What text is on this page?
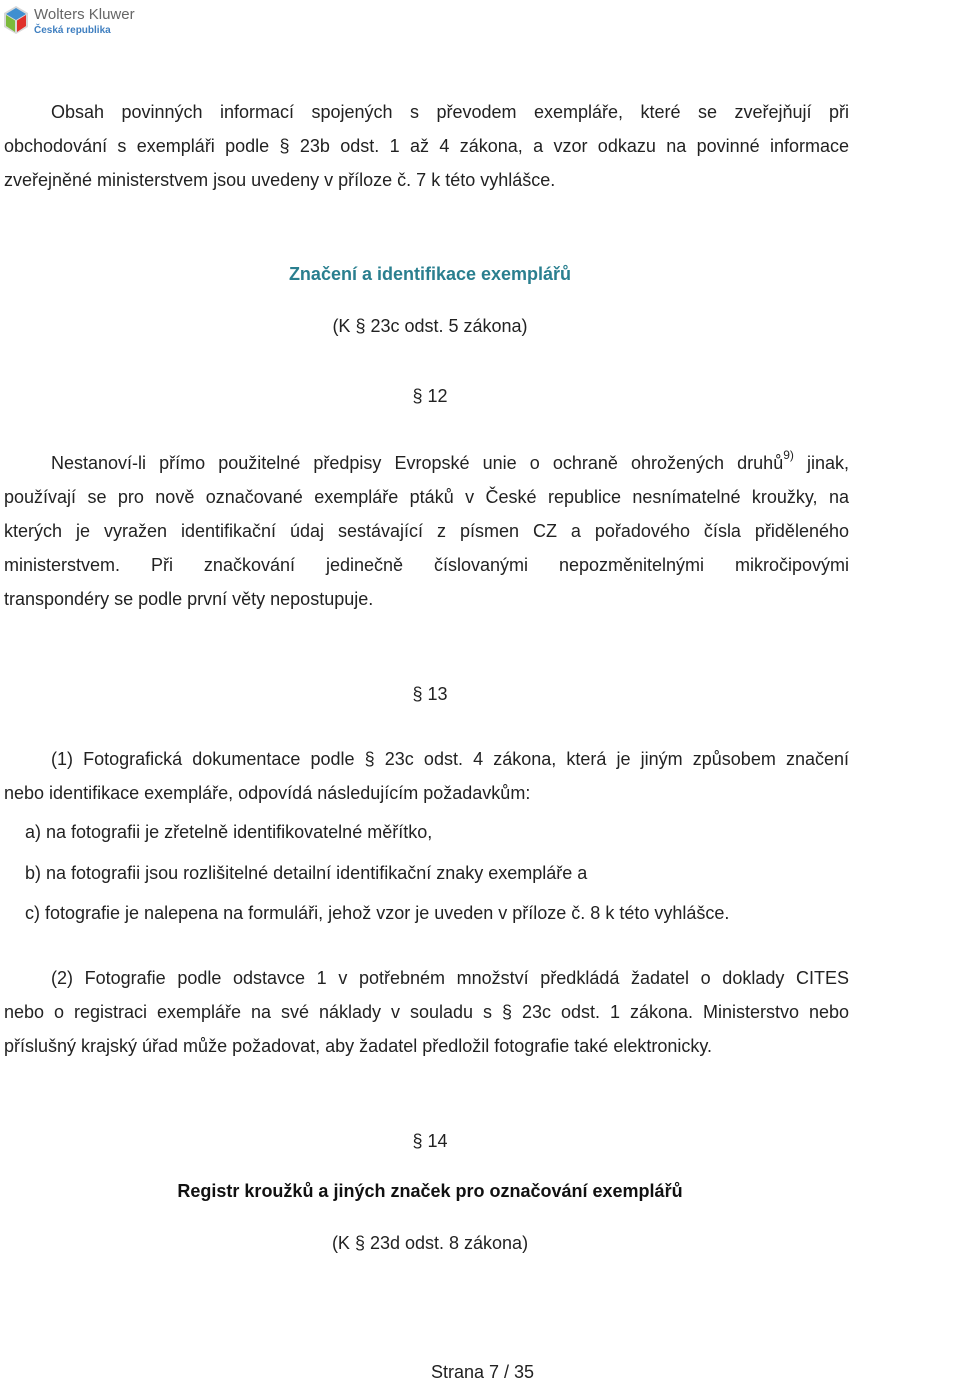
Wolters Kluwer
Česká republika
Obsah povinných informací spojených s převodem exempláře, které se zveřejňují při
obchodování s exempláři podle § 23b odst. 1 až 4 zákona, a vzor odkazu na povinné informace
zveřejněné ministerstvem jsou uvedeny v příloze č. 7 k této vyhlášce.
Značení a identifikace exemplářů
(K § 23c odst. 5 zákona)
§ 12
Nestanoví-li přímo použitelné předpisy Evropské unie o ochraně ohrožených druhů$^{9)}$ jinak,
používají se pro nově označované exempláře ptáků v České republice nesnímatelné kroužky, na
kterých je vyražen identifikační údaj sestávající z písmen CZ a pořadového čísla přiděleného
ministerstvem. Při značkování jedinečně číslovanými nepozměnitelnými mikročipovými
transpondéry se podle první věty nepostupuje.
§ 13
(1) Fotografická dokumentace podle § 23c odst. 4 zákona, která je jiným způsobem značení
nebo identifikace exempláře, odpovídá následujícím požadavkům:
a) na fotografii je zřetelně identifikovatelné měřítko,
b) na fotografii jsou rozlišitelné detailní identifikační znaky exempláře a
c) fotografie je nalepena na formuláři, jehož vzor je uveden v příloze č. 8 k této vyhlášce.
(2) Fotografie podle odstavce 1 v potřebném množství předkládá žadatel o doklady CITES
nebo o registraci exempláře na své náklady v souladu s § 23c odst. 1 zákona. Ministerstvo nebo
příslušný krajský úřad může požadovat, aby žadatel předložil fotografie také elektronicky.
§ 14
Registr kroužků a jiných značek pro označování exemplářů
(K § 23d odst. 8 zákona)
Strana 7 / 35
